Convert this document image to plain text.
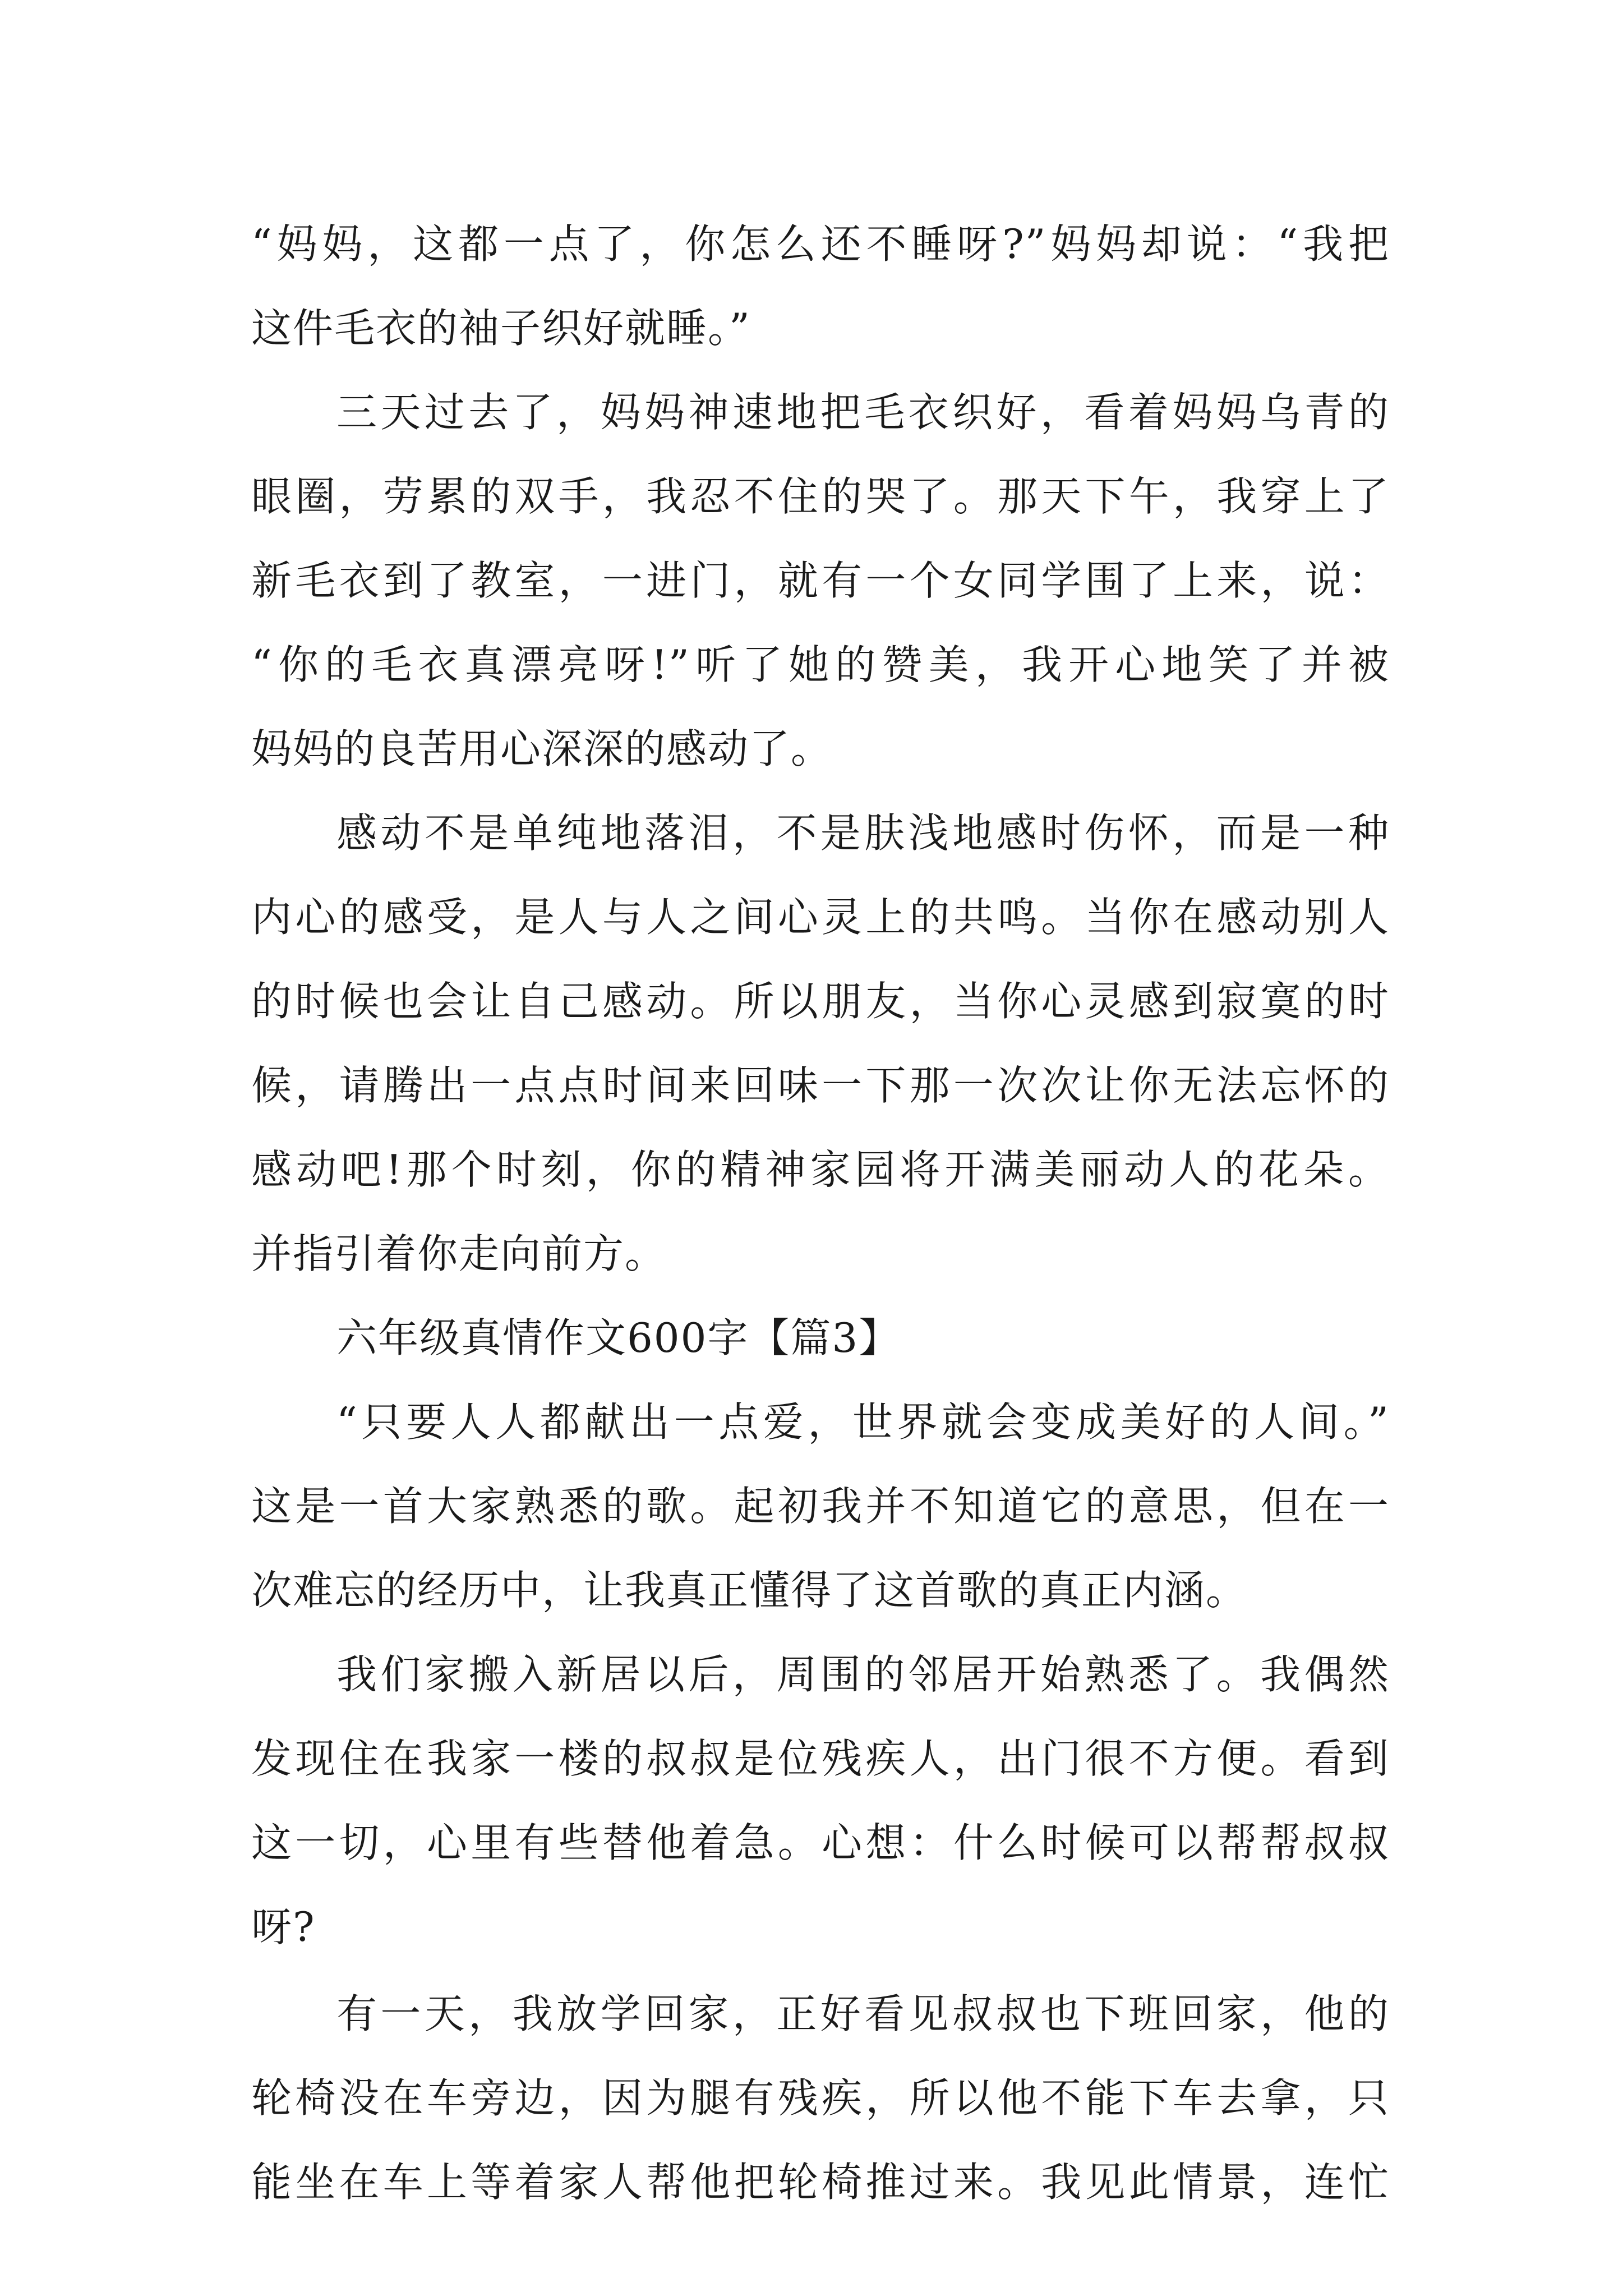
“妈妈，这都一点了，你怎么还不睡呀?”妈妈却说：“我把
这件毛衣的袖子织好就睡。”
三天过去了，妈妈神速地把毛衣织好，看着妈妈乌青的
眼圈，劳累的双手，我忍不住的哭了。那天下午，我穿上了
新毛衣到了教室，一进门，就有一个女同学围了上来，说：
“你的毛衣真漂亮呀!”听了她的赞美，我开心地笑了并被
妈妈的良苦用心深深的感动了。
感动不是单纯地落泪，不是肤浅地感时伤怀，而是一种
内心的感受，是人与人之间心灵上的共鸣。当你在感动别人
的时候也会让自己感动。所以朋友，当你心灵感到寂寞的时
候，请腾出一点点时间来回味一下那一次次让你无法忘怀的
感动吧!那个时刻，你的精神家园将开满美丽动人的花朵。
并指引着你走向前方。
六年级真情作文600字【篇3】
“只要人人都献出一点爱，世界就会变成美好的人间。”
这是一首大家熟悉的歌。起初我并不知道它的意思，但在一
次难忘的经历中，让我真正懂得了这首歌的真正内涵。
我们家搬入新居以后，周围的邻居开始熟悉了。我偶然
发现住在我家一楼的叔叔是位残疾人，出门很不方便。看到
这一切，心里有些替他着急。心想：什么时候可以帮帮叔叔
呀?
有一天，我放学回家，正好看见叔叔也下班回家，他的
轮椅没在车旁边，因为腿有残疾，所以他不能下车去拿，只
能坐在车上等着家人帮他把轮椅推过来。我见此情景，连忙
